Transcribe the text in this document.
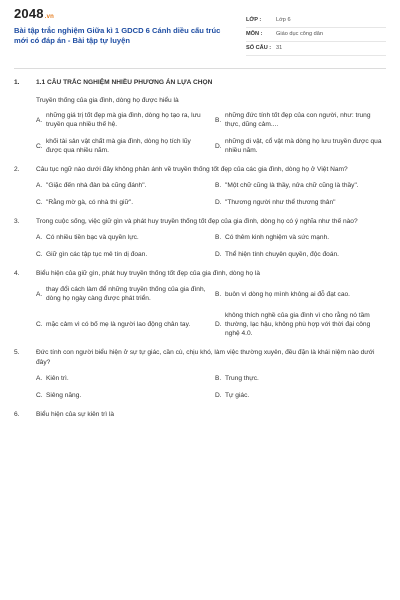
2048 .vn
Bài tập trắc nghiệm Giữa kì 1 GDCD 6 Cánh diều cấu trúc mới có đáp án - Bài tập tự luyện
LỚP :	Lớp 6
MÔN :	Giáo dục công dân
SỐ CÂU : 31
1.	1.1 CÂU TRẮC NGHIỆM NHIỀU PHƯƠNG ÁN LỰA CHỌN
Truyền thống của gia đình, dòng họ được hiểu là
A.
những giá trị tốt đẹp mà gia đình, dòng họ tạo ra, lưu truyền qua nhiều thế hệ.
B.
những đức tính tốt đẹp của con người, như: trung thực, dũng cảm....
C.
khối tài sản vật chất mà gia đình, dòng họ tích lũy được qua nhiều năm.
D.
những di vật, cổ vật mà dòng họ lưu truyền được qua nhiều năm.
2.	Câu tục ngữ nào dưới đây không phản ánh về truyền thống tốt đẹp của các gia đình, dòng họ ở Việt Nam?
A. "Giặc đến nhà đàn bà cũng đánh".	B. "Một chữ cũng là thầy, nửa chữ cũng là thầy".
C. "Rằng mờ gà, có nhà thì giữ".	D. "Thương người như thể thương thân"
3.	Trong cuộc sống, việc giữ gìn và phát huy truyền thống tốt đẹp của gia đình, dòng họ có ý nghĩa như thế nào?
A. Có nhiều tiền bạc và quyền lực.	B. Có thêm kinh nghiệm và sức mạnh.
C. Giữ gìn các tập tục mê tín dị đoan.	D. Thể hiện tính chuyên quyền, độc đoán.
4.	Biểu hiện của giữ gìn, phát huy truyền thống tốt đẹp của gia đình, dòng họ là
A.
thay đổi cách làm để những truyền thống của gia đình, dòng họ ngày càng được phát triển.
B. buôn vì dòng họ mình không ai đỗ đạt cao.
C. mặc cảm vì có bố mẹ là người lao động chân tay.	D.
không thích nghề của gia đình vì cho rằng nó tầm thường, lạc hậu, không phù hợp với thời đại công nghệ 4.0.
5.	Đức tính con người biểu hiện ở sự tự giác, cần cù, chịu khó, làm việc thường xuyên, đều đặn là khái niệm nào dưới đây?
A. Kiên trì.	B. Trung thực.
C. Siêng năng.	D. Tự giác.
6.	Biểu hiện của sự kiên trì là
